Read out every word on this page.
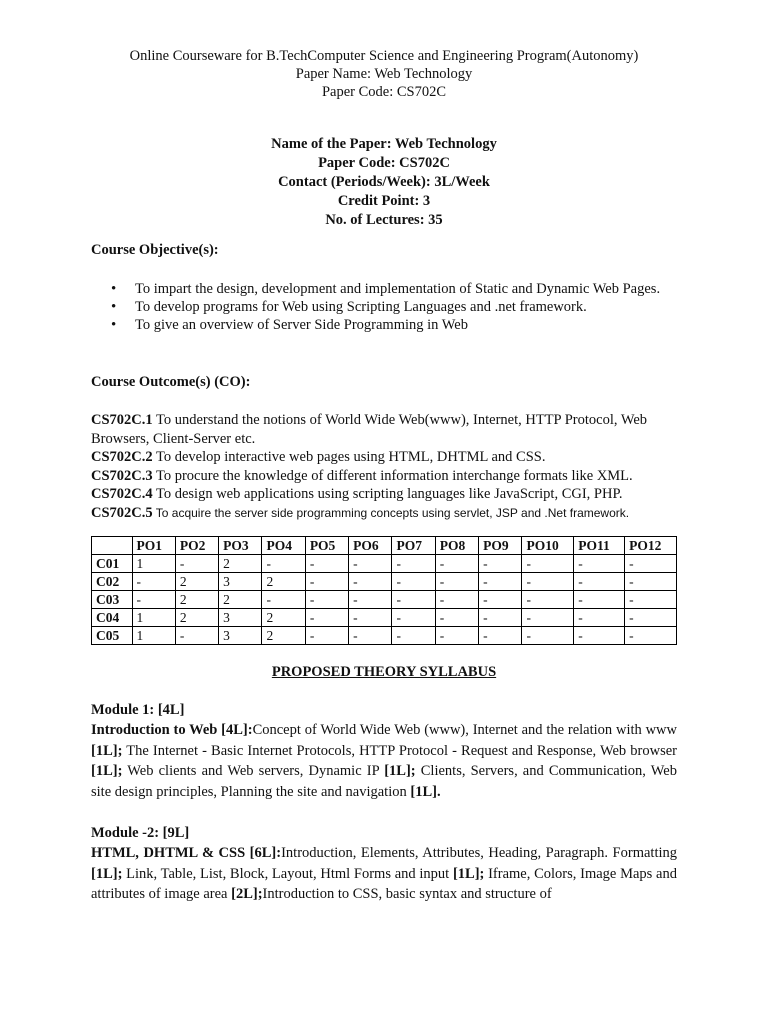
Online Courseware for B.TechComputer Science and Engineering Program(Autonomy)
Paper Name: Web Technology
Paper Code: CS702C
Name of the Paper: Web Technology
Paper Code: CS702C
Contact (Periods/Week): 3L/Week
Credit Point: 3
No. of Lectures: 35
Course Objective(s):
• To impart the design, development and implementation of Static and Dynamic Web Pages.
• To develop programs for Web using Scripting Languages and .net framework.
• To give an overview of Server Side Programming in Web
Course Outcome(s) (CO):
CS702C.1 To understand the notions of World Wide Web(www), Internet, HTTP Protocol, Web Browsers, Client-Server etc.
CS702C.2 To develop interactive web pages using HTML, DHTML and CSS.
CS702C.3 To procure the knowledge of different information interchange formats like XML.
CS702C.4 To design web applications using scripting languages like JavaScript, CGI, PHP.
CS702C.5 To acquire the server side programming concepts using servlet, JSP and .Net framework.
	PO1	PO2	PO3	PO4	PO5	PO6	PO7	PO8	PO9	PO10	PO11	PO12
C01	1	-	2	-	-	-	-	-	-	-	-	-
C02	-	2	3	2	-	-	-	-	-	-	-	-
C03	-	2	2	-	-	-	-	-	-	-	-	-
C04	1	2	3	2	-	-	-	-	-	-	-	-
C05	1	-	3	2	-	-	-	-	-	-	-	-
PROPOSED THEORY SYLLABUS
Module 1: [4L]
Introduction to Web [4L]:Concept of World Wide Web (www), Internet and the relation with www [1L]; The Internet - Basic Internet Protocols, HTTP Protocol - Request and Response, Web browser [1L]; Web clients and Web servers, Dynamic IP [1L]; Clients, Servers, and Communication, Web site design principles, Planning the site and navigation [1L].
Module -2: [9L]
HTML, DHTML & CSS [6L]:Introduction, Elements, Attributes, Heading, Paragraph. Formatting [1L]; Link, Table, List, Block, Layout, Html Forms and input [1L]; Iframe, Colors, Image Maps and attributes of image area [2L];Introduction to CSS, basic syntax and structure of
